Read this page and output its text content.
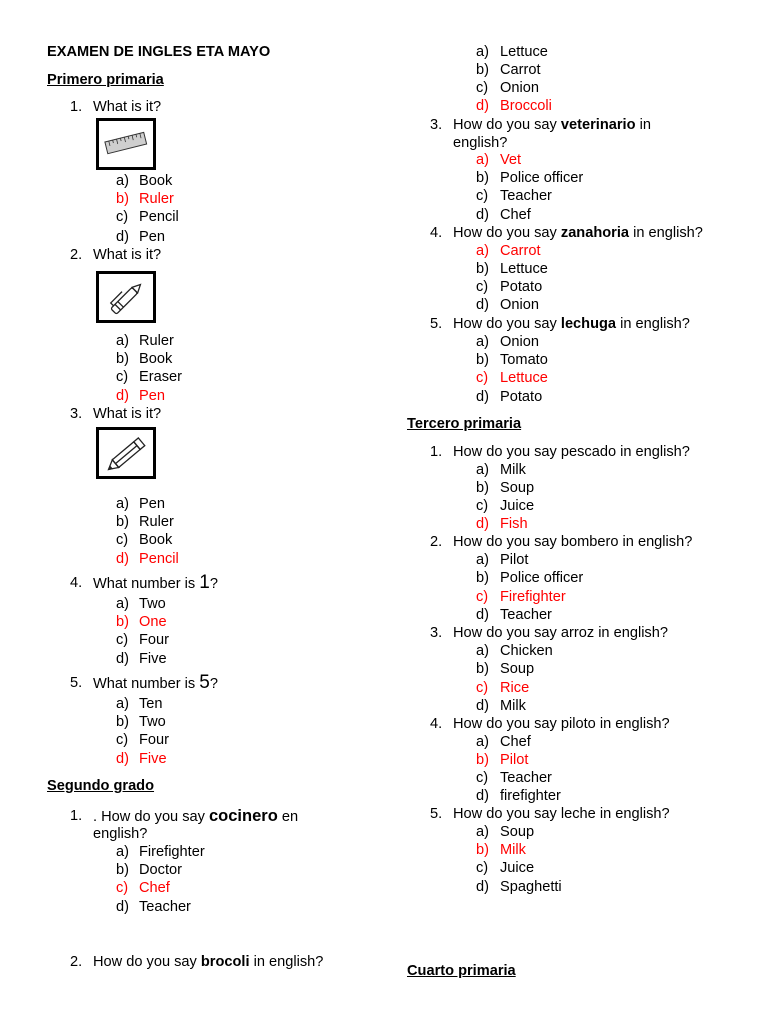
EXAMEN DE INGLES ETA MAYO
Primero primaria
Segundo grado
Tercero primaria
Cuarto primaria
1. What is it?
a) Book
b) Ruler
c) Pencil
d) Pen
2. What is it?
a) Ruler
b) Book
c) Eraser
d) Pen
3. What is it?
a) Pen
b) Ruler
c) Book
d) Pencil
4. What number is 1?
a) Two
b) One
c) Four
d) Five
5. What number is 5?
a) Ten
b) Two
c) Four
d) Five
1. . How do you say cocinero en
english?
a) Firefighter
b) Doctor
c) Chef
d) Teacher
2. How do you say brocoli in english?
a) Lettuce
b) Carrot
c) Onion
d) Broccoli
3. How do you say veterinario in
english?
a) Vet
b) Police officer
c) Teacher
d) Chef
4. How do you say zanahoria in english?
a) Carrot
b) Lettuce
c) Potato
d) Onion
5. How do you say lechuga in english?
a) Onion
b) Tomato
c) Lettuce
d) Potato
1. How do you say pescado in english?
a) Milk
b) Soup
c) Juice
d) Fish
2. How do you say bombero in english?
a) Pilot
b) Police officer
c) Firefighter
d) Teacher
3. How do you say arroz in english?
a) Chicken
b) Soup
c) Rice
d) Milk
4. How do you say piloto in english?
a) Chef
b) Pilot
c) Teacher
d) firefighter
5. How do you say leche in english?
a) Soup
b) Milk
c) Juice
d) Spaghetti
